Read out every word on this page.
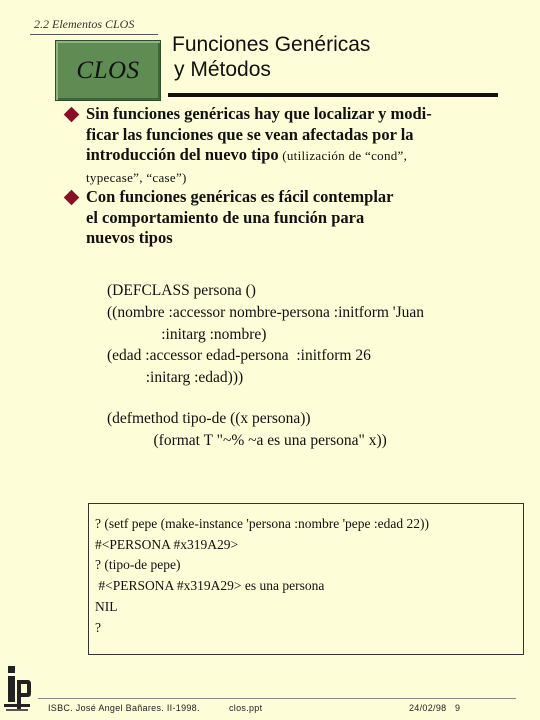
2.2 Elementos CLOS
CLOS
Funciones Genéricas
y Métodos
Sin funciones genéricas hay que localizar y modi-
ficar las funciones que se vean afectadas por la
introducción del nuevo tipo (utilización de “cond”,
typecase”, “case”)
Con funciones genéricas es fácil contemplar
el comportamiento de una función para
nuevos tipos
(DEFCLASS persona ()
((nombre :accessor nombre-persona :initform 'Juan
:initarg :nombre)
(edad :accessor edad-persona  :initform 26
:initarg :edad)))
(defmethod tipo-de ((x persona))
(format T "~% ~a es una persona" x))
? (setf pepe (make-instance 'persona :nombre 'pepe :edad 22))
#<PERSONA #x319A29>
? (tipo-de pepe)
#<PERSONA #x319A29> es una persona
NIL
?
ISBC. José Angel Bañares. II-1998.	clos.ppt	24/02/98 9
